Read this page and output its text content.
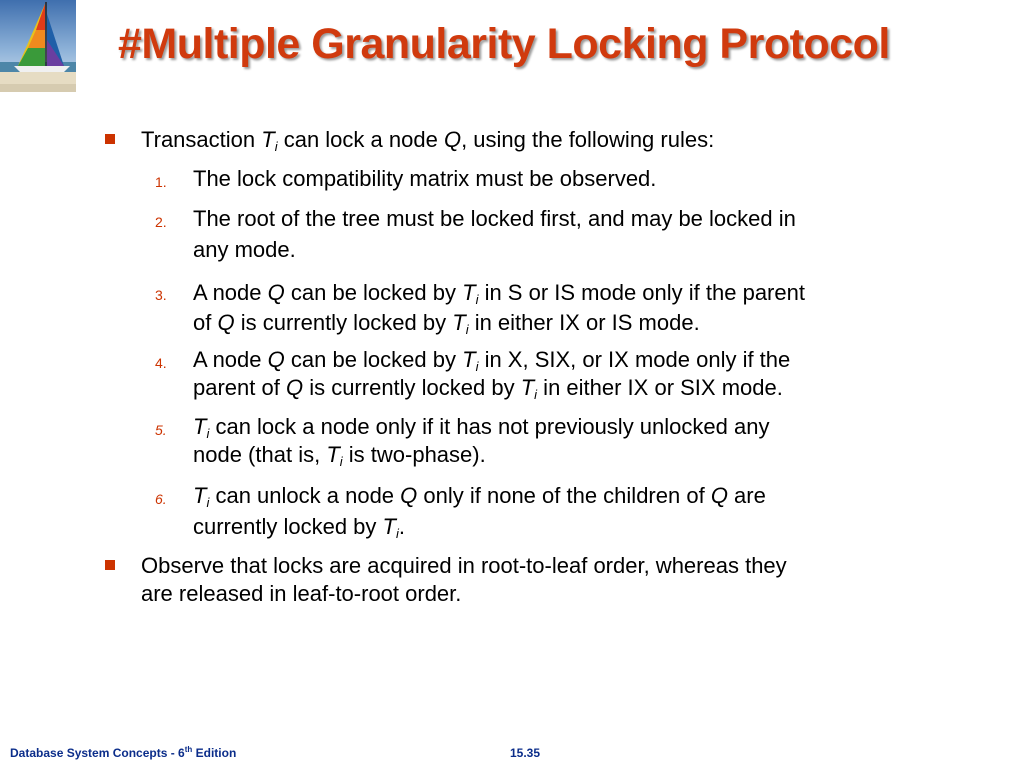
#Multiple Granularity Locking Protocol
Transaction $T_i$ can lock a node Q, using the following rules:
1. The lock compatibility matrix must be observed.
2. The root of the tree must be locked first, and may be locked in
any mode.
3. A node Q can be locked by $T_i$ in S or IS mode only if the parent
of Q is currently locked by $T_i$ in either IX or IS mode.
4. A node Q can be locked by $T_i$ in X, SIX, or IX mode only if the
parent of Q is currently locked by $T_i$ in either IX or SIX mode.
5. $T_i$ can lock a node only if it has not previously unlocked any
node (that is, $T_i$ is two-phase).
6. $T_i$ can unlock a node Q only if none of the children of Q are
currently locked by $T_i$.
Observe that locks are acquired in root-to-leaf order, whereas they
are released in leaf-to-root order.
Database System Concepts - 6th Edition	15.35
